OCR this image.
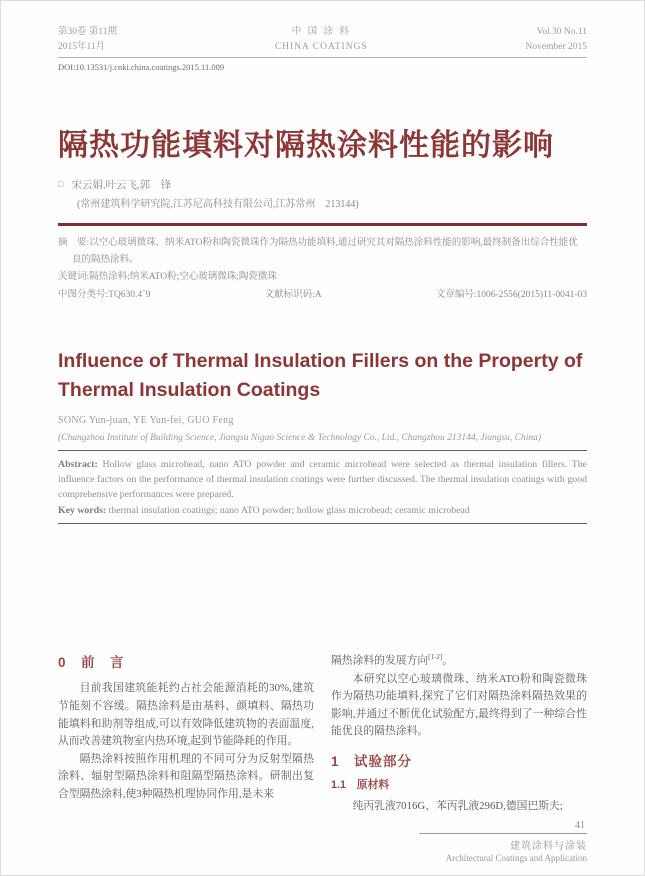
第30卷 第11期
2015年11月
中 国 涂 料
CHINA COATINGS
Vol.30 No.11
November 2015
DOI:10.13531/j.cnki.china.coatings.2015.11.009
隔热功能填料对隔热涂料性能的影响
□ 宋云娟,叶云飞,郭　锋
(常州建筑科学研究院,江苏尼高科技有限公司,江苏常州　213144)
摘　要:以空心玻璃微珠、纳米ATO粉和陶瓷微珠作为隔热功能填料,通过研究其对隔热涂料性能的影响,最终制备出综合性能优良的隔热涂料。
关键词:隔热涂料;纳米ATO粉;空心玻璃微珠;陶瓷微珠
中图分类号:TQ630.4+9	文献标识码:A	文章编号:1006-2556(2015)11-0041-03
Influence of Thermal Insulation Fillers on the Property of Thermal Insulation Coatings
SONG Yun-juan, YE Yun-fei, GUO Feng
(Changzhou Institute of Building Science, Jiangsu Nigao Science & Technology Co., Ltd., Changzhou 213144, Jiangsu, China)
Abstract: Hollow glass microbead, nano ATO powder and ceramic microbead were selected as thermal insulation fillers. The influence factors on the performance of thermal insulation coatings were further discussed. The thermal insulation coatings with good comprehensive performances were prepared.
Key words: thermal insulation coatings; nano ATO powder; hollow glass microbead; ceramic microbead
0　前　言
目前我国建筑能耗约占社会能源消耗的30%,建筑节能刻不容缓。隔热涂料是由基料、颜填料、隔热功能填料和助剂等组成,可以有效降低建筑物的表面温度,从而改善建筑物室内热环境,起到节能降耗的作用。
隔热涂料按照作用机理的不同可分为反射型隔热涂料、辐射型隔热涂料和阻隔型隔热涂料。研制出复合型隔热涂料,使3种隔热机理协同作用,是未来
隔热涂料的发展方向[1-2]。
本研究以空心玻璃微珠、纳米ATO粉和陶瓷微珠作为隔热功能填料,探究了它们对隔热涂料隔热效果的影响,并通过不断优化试验配方,最终得到了一种综合性能优良的隔热涂料。
1　试验部分
1.1　原材料
纯丙乳液7016G、苯丙乳液296D,德国巴斯夫;
41
建筑涂料与涂装
Architectural Coatings and Application
